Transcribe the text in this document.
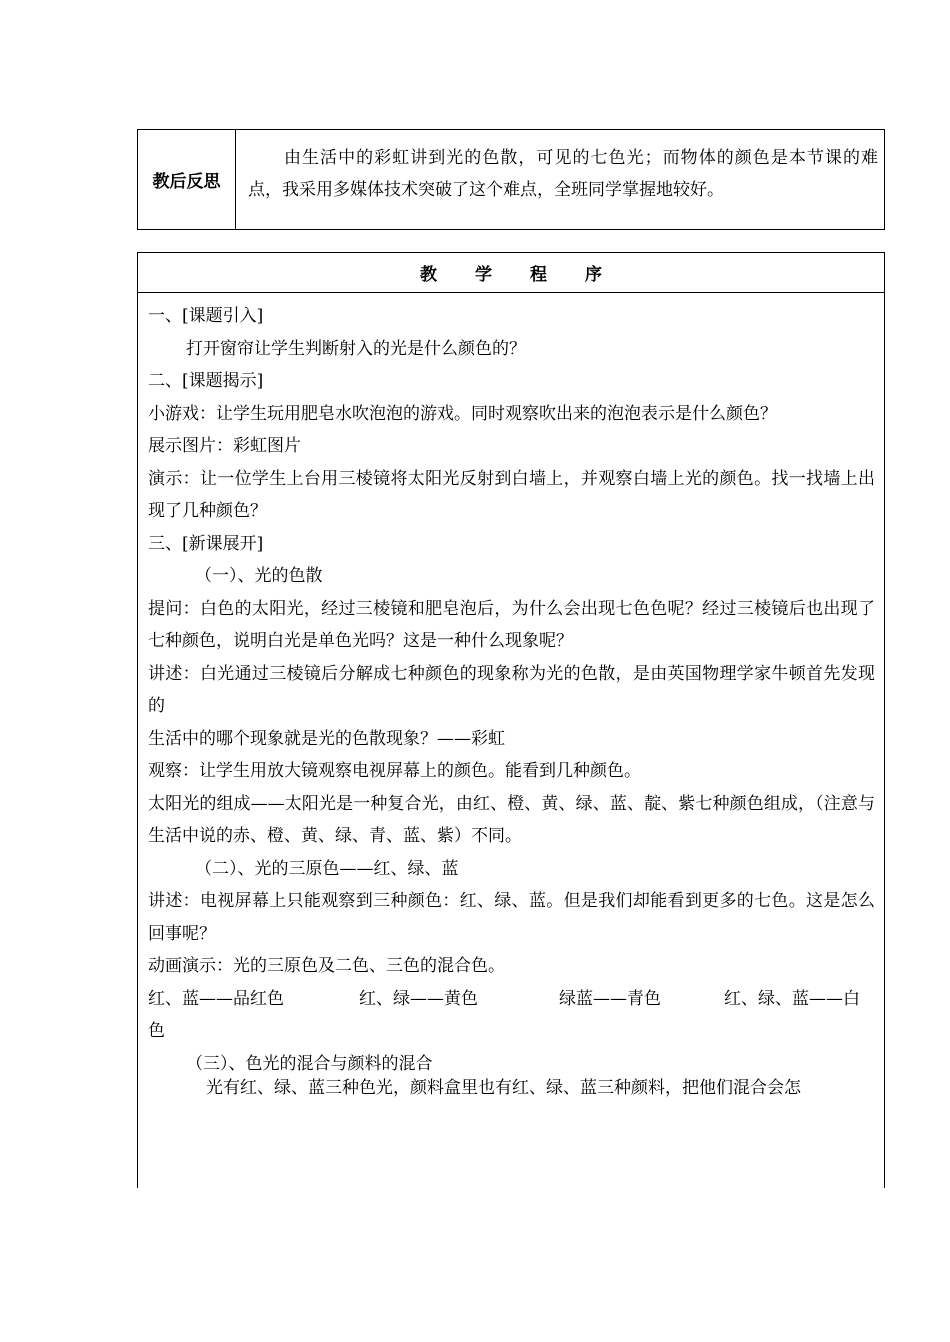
教后反思
由生活中的彩虹讲到光的色散，可见的七色光；而物体的颜色是本节课的难点，我采用多媒体技术突破了这个难点，全班同学掌握地较好。
教学程序

一、[课题引入]

打开窗帘让学生判断射入的光是什么颜色的？

二、[课题揭示]

小游戏：让学生玩用肥皂水吹泡泡的游戏。同时观察吹出来的泡泡表示是什么颜色？

展示图片：彩虹图片

演示：让一位学生上台用三棱镜将太阳光反射到白墙上，并观察白墙上光的颜色。找一找墙上出现了几种颜色？

三、[新课展开]

（一）、光的色散

提问：白色的太阳光，经过三棱镜和肥皂泡后，为什么会出现七色色呢？经过三棱镜后也出现了七种颜色，说明白光是单色光吗？这是一种什么现象呢？

讲述：白光通过三棱镜后分解成七种颜色的现象称为光的色散，是由英国物理学家牛顿首先发现的

生活中的哪个现象就是光的色散现象？——彩虹

观察：让学生用放大镜观察电视屏幕上的颜色。能看到几种颜色。

太阳光的组成——太阳光是一种复合光，由红、橙、黄、绿、蓝、靛、紫七种颜色组成，（注意与生活中说的赤、橙、黄、绿、青、蓝、紫）不同。

（二）、光的三原色——红、绿、蓝

讲述：电视屏幕上只能观察到三种颜色：红、绿、蓝。但是我们却能看到更多的七色。这是怎么回事呢？

动画演示：光的三原色及二色、三色的混合色。

红、蓝——品红色	红、绿——黄色	绿蓝——青色	红、绿、蓝——白

色

（三）、色光的混合与颜料的混合

光有红、绿、蓝三种色光，颜料盒里也有红、绿、蓝三种颜料，把他们混合会怎
